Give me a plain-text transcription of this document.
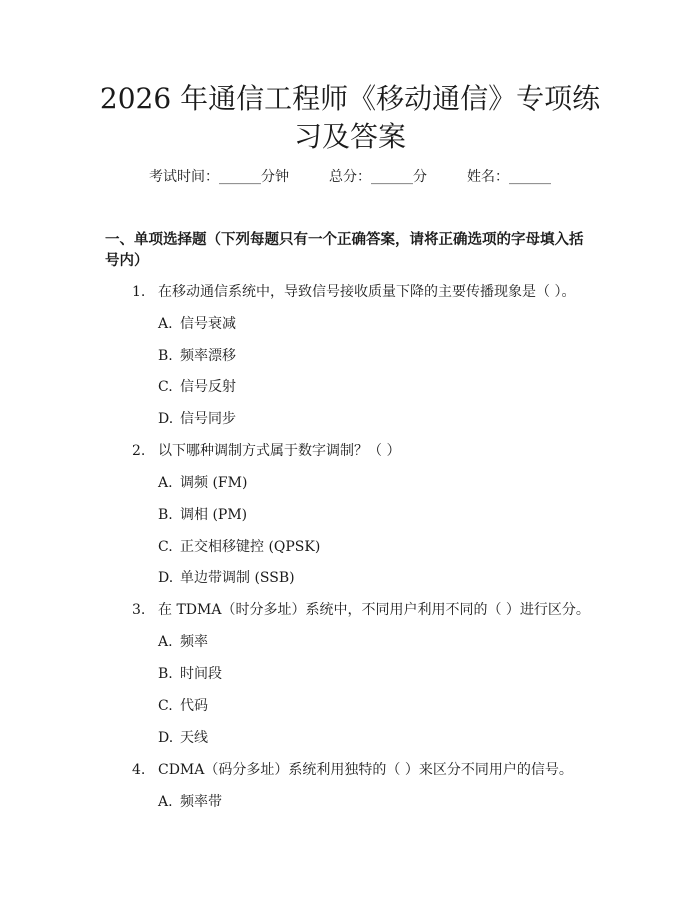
2026 年通信工程师《移动通信》专项练习及答案
考试时间：______分钟	总分：______分	姓名：______
一、单项选择题（下列每题只有一个正确答案，请将正确选项的字母填入括号内）
1. 在移动通信系统中，导致信号接收质量下降的主要传播现象是（ ）。
A. 信号衰减
B. 频率漂移
C. 信号反射
D. 信号同步
2. 以下哪种调制方式属于数字调制？（ ）
A. 调频 (FM)
B. 调相 (PM)
C. 正交相移键控 (QPSK)
D. 单边带调制 (SSB)
3. 在 TDMA（时分多址）系统中，不同用户利用不同的（ ）进行区分。
A. 频率
B. 时间段
C. 代码
D. 天线
4. CDMA（码分多址）系统利用独特的（ ）来区分不同用户的信号。
A. 频率带
